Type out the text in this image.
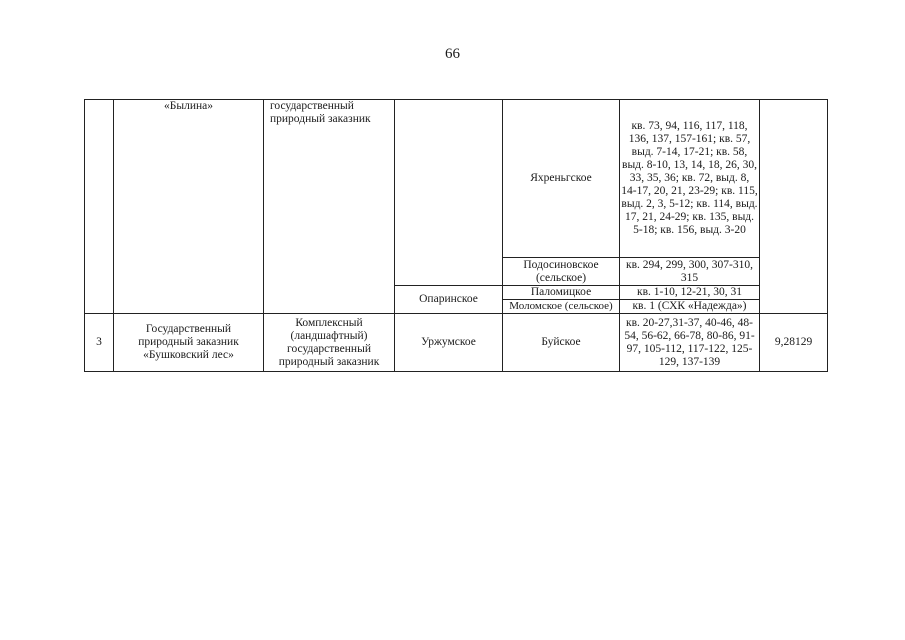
66
	«Былина»	государственный природный заказник		Яхреньгское	кв. 73, 94, 116, 117, 118, 136, 137, 157-161; кв. 57, выд. 7-14, 17-21; кв. 58, выд. 8-10, 13, 14, 18, 26, 30, 33, 35, 36; кв. 72, выд. 8, 14-17, 20, 21, 23-29; кв. 115, выд. 2, 3, 5-12; кв. 114, выд. 17, 21, 24-29; кв. 135, выд. 5-18; кв. 156, выд. 3-20	
				Подосиновское (сельское)	кв. 294, 299, 300, 307-310, 315	
			Опаринское	Паломицкое	кв. 1-10, 12-21, 30, 31	
				Моломское (сельское)	кв. 1 (СХК «Надежда»)	
3	Государственный природный заказник «Бушковский лес»	Комплексный (ландшафтный) государственный природный заказник	Уржумское	Буйское	кв. 20-27,31-37, 40-46, 48-54, 56-62, 66-78, 80-86, 91-97, 105-112, 117-122, 125-129, 137-139	9,28129
